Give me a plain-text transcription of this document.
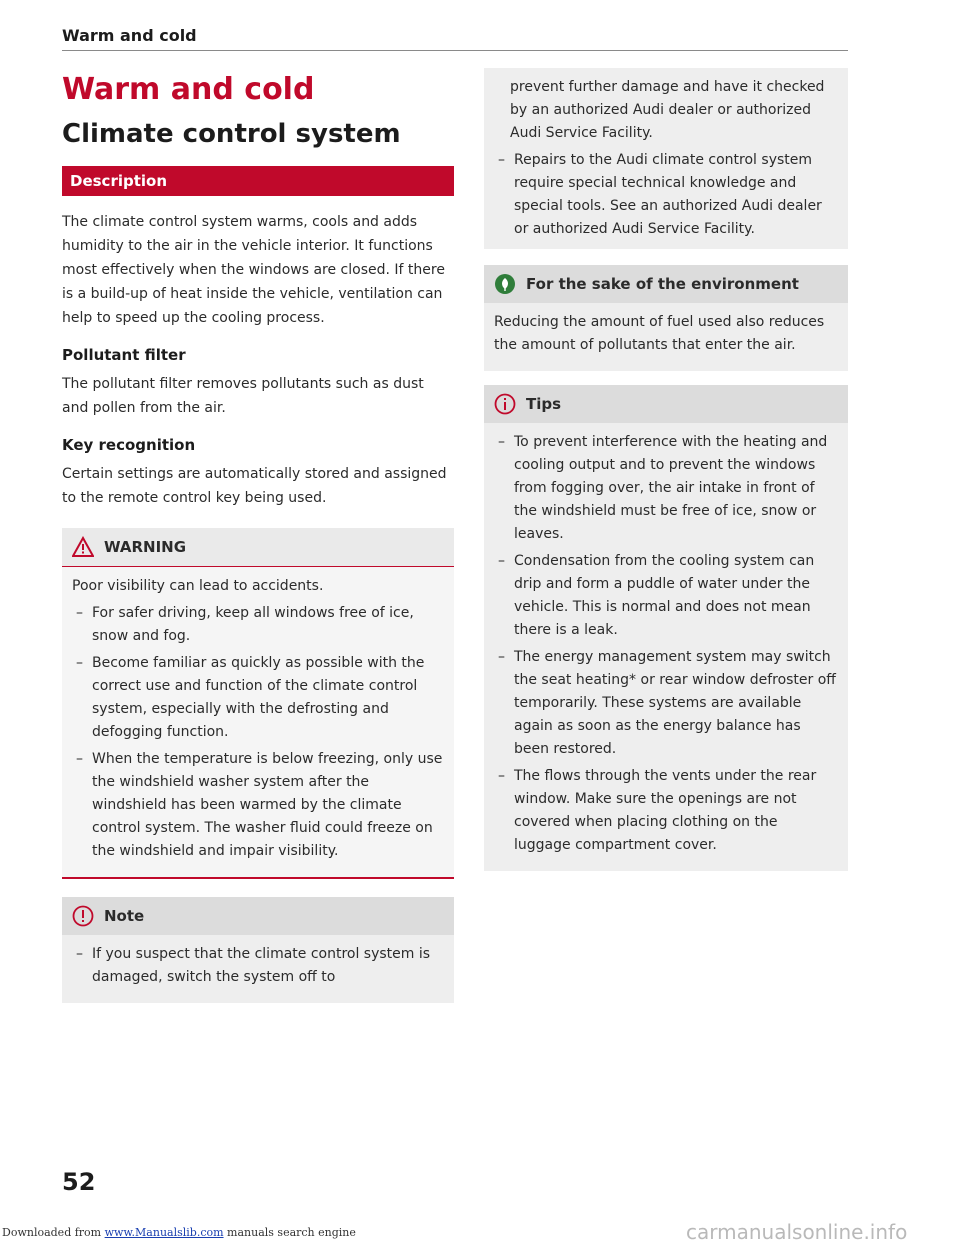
Warm and cold
Warm and cold
Climate control system
Description

The climate control system warms, cools and adds humidity to the air in the vehicle interior. It functions most effectively when the windows are closed. If there is a build-up of heat inside the vehicle, ventilation can help to speed up the cooling process.

Pollutant filter

The pollutant filter removes pollutants such as dust and pollen from the air.

Key recognition

Certain settings are automatically stored and assigned to the remote control key being used.

WARNING

Poor visibility can lead to accidents.

– For safer driving, keep all windows free of ice, snow and fog.
– Become familiar as quickly as possible with the correct use and function of the climate control system, especially with the defrosting and defogging function.
– When the temperature is below freezing, only use the windshield washer system after the windshield has been warmed by the climate control system. The washer fluid could freeze on the windshield and impair visibility.
Note
– If you suspect that the climate control system is damaged, switch the system off to

prevent further damage and have it checked by an authorized Audi dealer or authorized Audi Service Facility.

– Repairs to the Audi climate control system require special technical knowledge and special tools. See an authorized Audi dealer or authorized Audi Service Facility.
For the sake of the environment

Reducing the amount of fuel used also reduces the amount of pollutants that enter the air.

Tips
– To prevent interference with the heating and cooling output and to prevent the windows from fogging over, the air intake in front of the windshield must be free of ice, snow or leaves.
– Condensation from the cooling system can drip and form a puddle of water under the vehicle. This is normal and does not mean there is a leak.
– The energy management system may switch the seat heating* or rear window defroster off temporarily. These systems are available again as soon as the energy balance has been restored.
– The flows through the vents under the rear window. Make sure the openings are not covered when placing clothing on the luggage compartment cover.
52
Downloaded from www.Manualslib.com manuals search engine	carmanualsonline.info
